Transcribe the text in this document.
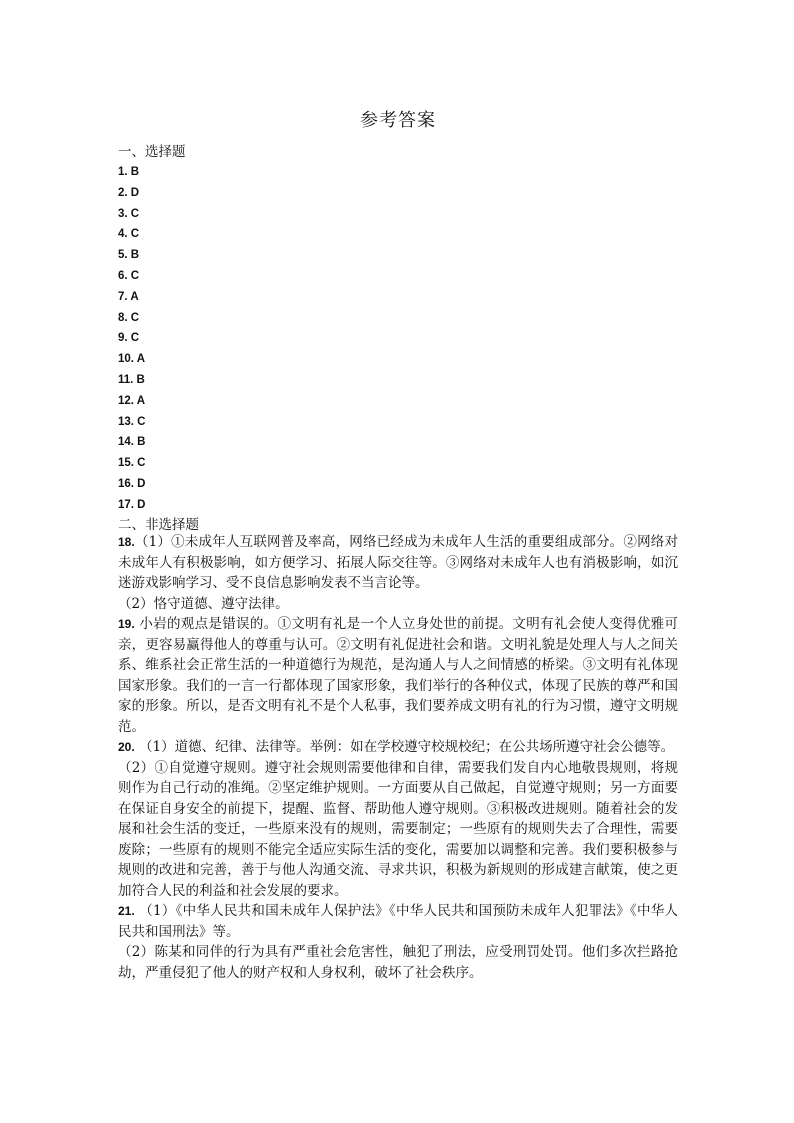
参考答案
一、选择题
1. B
2. D
3. C
4. C
5. B
6. C
7. A
8. C
9. C
10. A
11. B
12. A
13. C
14. B
15. C
16. D
17. D
二、非选择题
18.（1）①未成年人互联网普及率高，网络已经成为未成年人生活的重要组成部分。②网络对未成年人有积极影响，如方便学习、拓展人际交往等。③网络对未成年人也有消极影响，如沉迷游戏影响学习、受不良信息影响发表不当言论等。
（2）恪守道德、遵守法律。
19. 小岩的观点是错误的。①文明有礼是一个人立身处世的前提。文明有礼会使人变得优雅可亲，更容易赢得他人的尊重与认可。②文明有礼促进社会和谐。文明礼貌是处理人与人之间关系、维系社会正常生活的一种道德行为规范，是沟通人与人之间情感的桥梁。③文明有礼体现国家形象。我们的一言一行都体现了国家形象，我们举行的各种仪式，体现了民族的尊严和国家的形象。所以，是否文明有礼不是个人私事，我们要养成文明有礼的行为习惯，遵守文明规范。
20. （1）道德、纪律、法律等。举例：如在学校遵守校规校纪；在公共场所遵守社会公德等。
（2）①自觉遵守规则。遵守社会规则需要他律和自律，需要我们发自内心地敬畏规则，将规则作为自己行动的准绳。②坚定维护规则。一方面要从自己做起，自觉遵守规则；另一方面要在保证自身安全的前提下，提醒、监督、帮助他人遵守规则。③积极改进规则。随着社会的发展和社会生活的变迁，一些原来没有的规则，需要制定；一些原有的规则失去了合理性，需要废除；一些原有的规则不能完全适应实际生活的变化，需要加以调整和完善。我们要积极参与规则的改进和完善，善于与他人沟通交流、寻求共识，积极为新规则的形成建言献策，使之更加符合人民的利益和社会发展的要求。
21. （1）《中华人民共和国未成年人保护法》《中华人民共和国预防未成年人犯罪法》《中华人民共和国刑法》等。
（2）陈某和同伴的行为具有严重社会危害性，触犯了刑法，应受刑罚处罚。他们多次拦路抢劫，严重侵犯了他人的财产权和人身权利，破坏了社会秩序。
